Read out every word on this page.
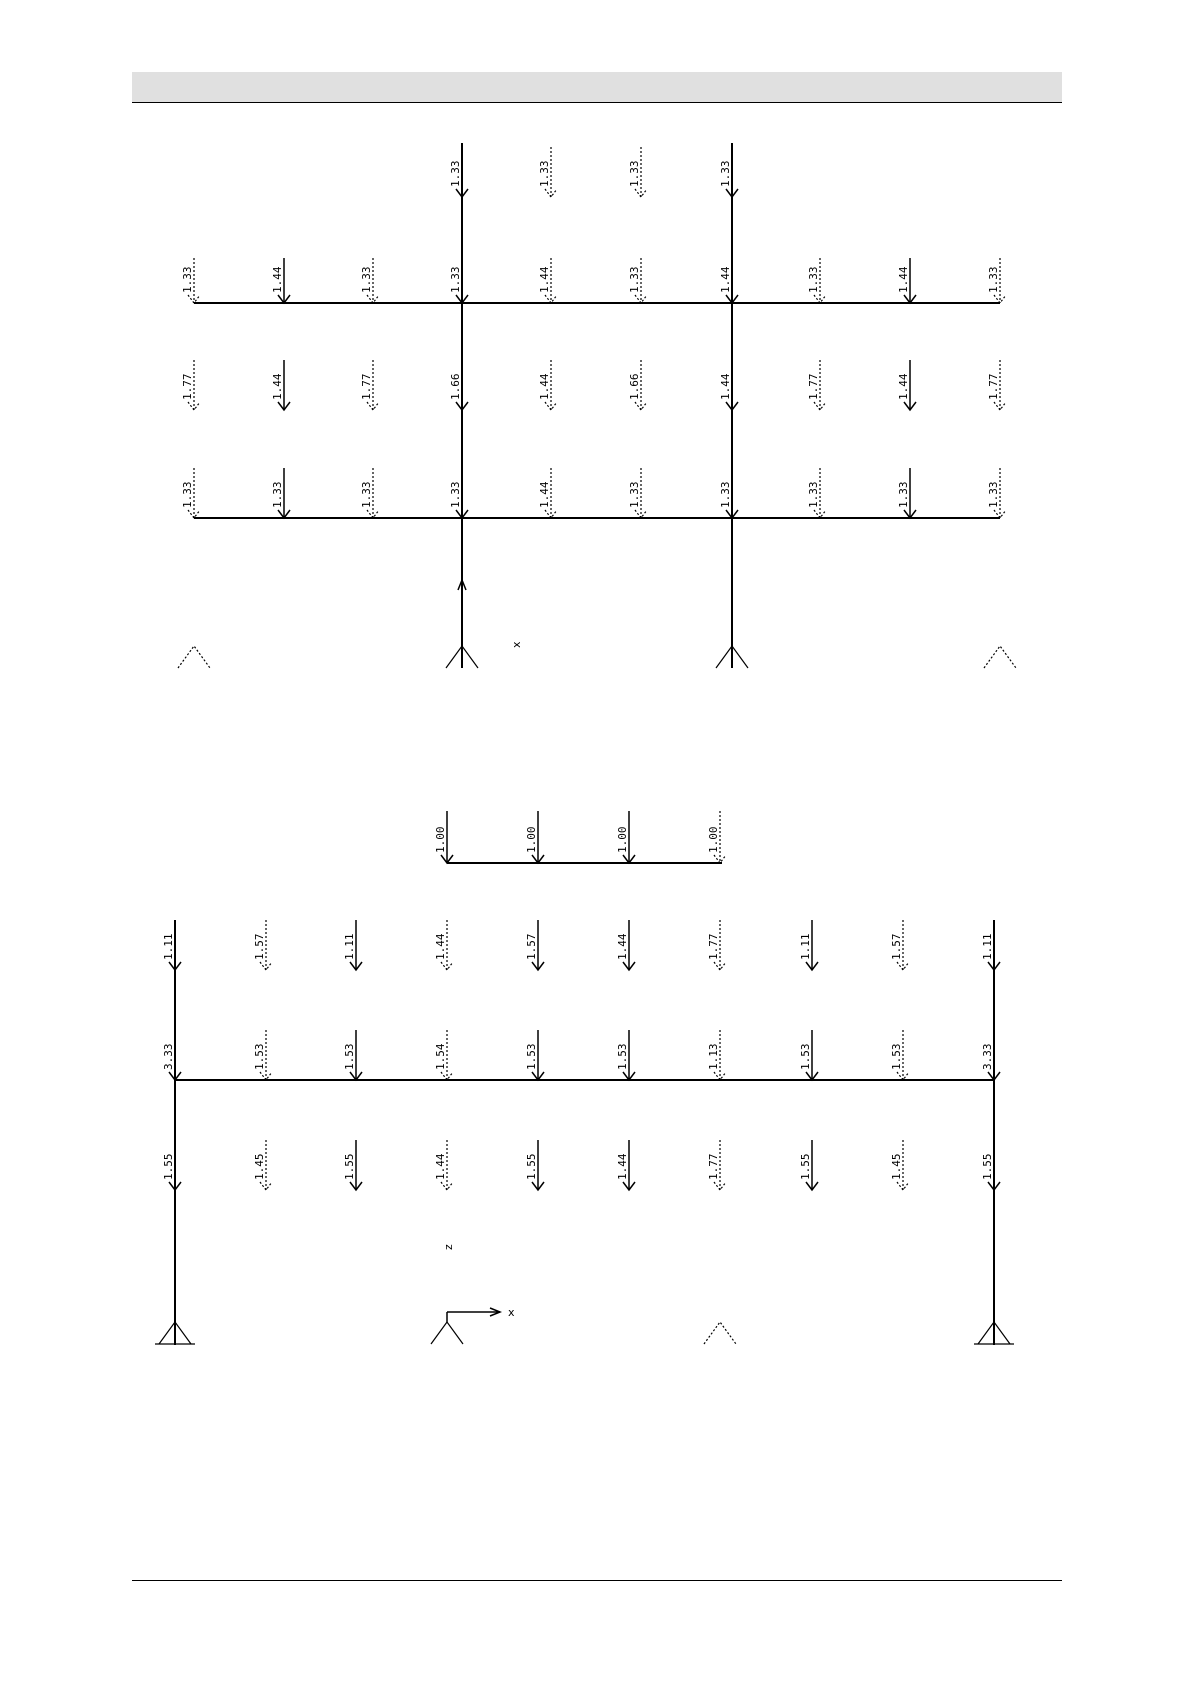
1.33	1.33	1.33	1.33
1.33	1.44	1.33	1.33	1.44	1.33	1.44	1.33	1.44	1.33
1.77	1.44	1.77	1.66	1.44	1.66	1.44	1.77	1.44	1.77
1.33	1.33	1.33	1.33	1.44	1.33	1.33	1.33	1.33	1.33
x
1.00	1.00	1.00	1.00
1.11	1.57	1.11	1.44	1.57	1.44	1.77	1.11	1.57	1.11
3.33	1.53	1.53	1.54	1.53	1.53	1.13	1.53	1.53	3.33
1.55	1.45	1.55	1.44	1.55	1.44	1.77	1.55	1.45	1.55
x
z
